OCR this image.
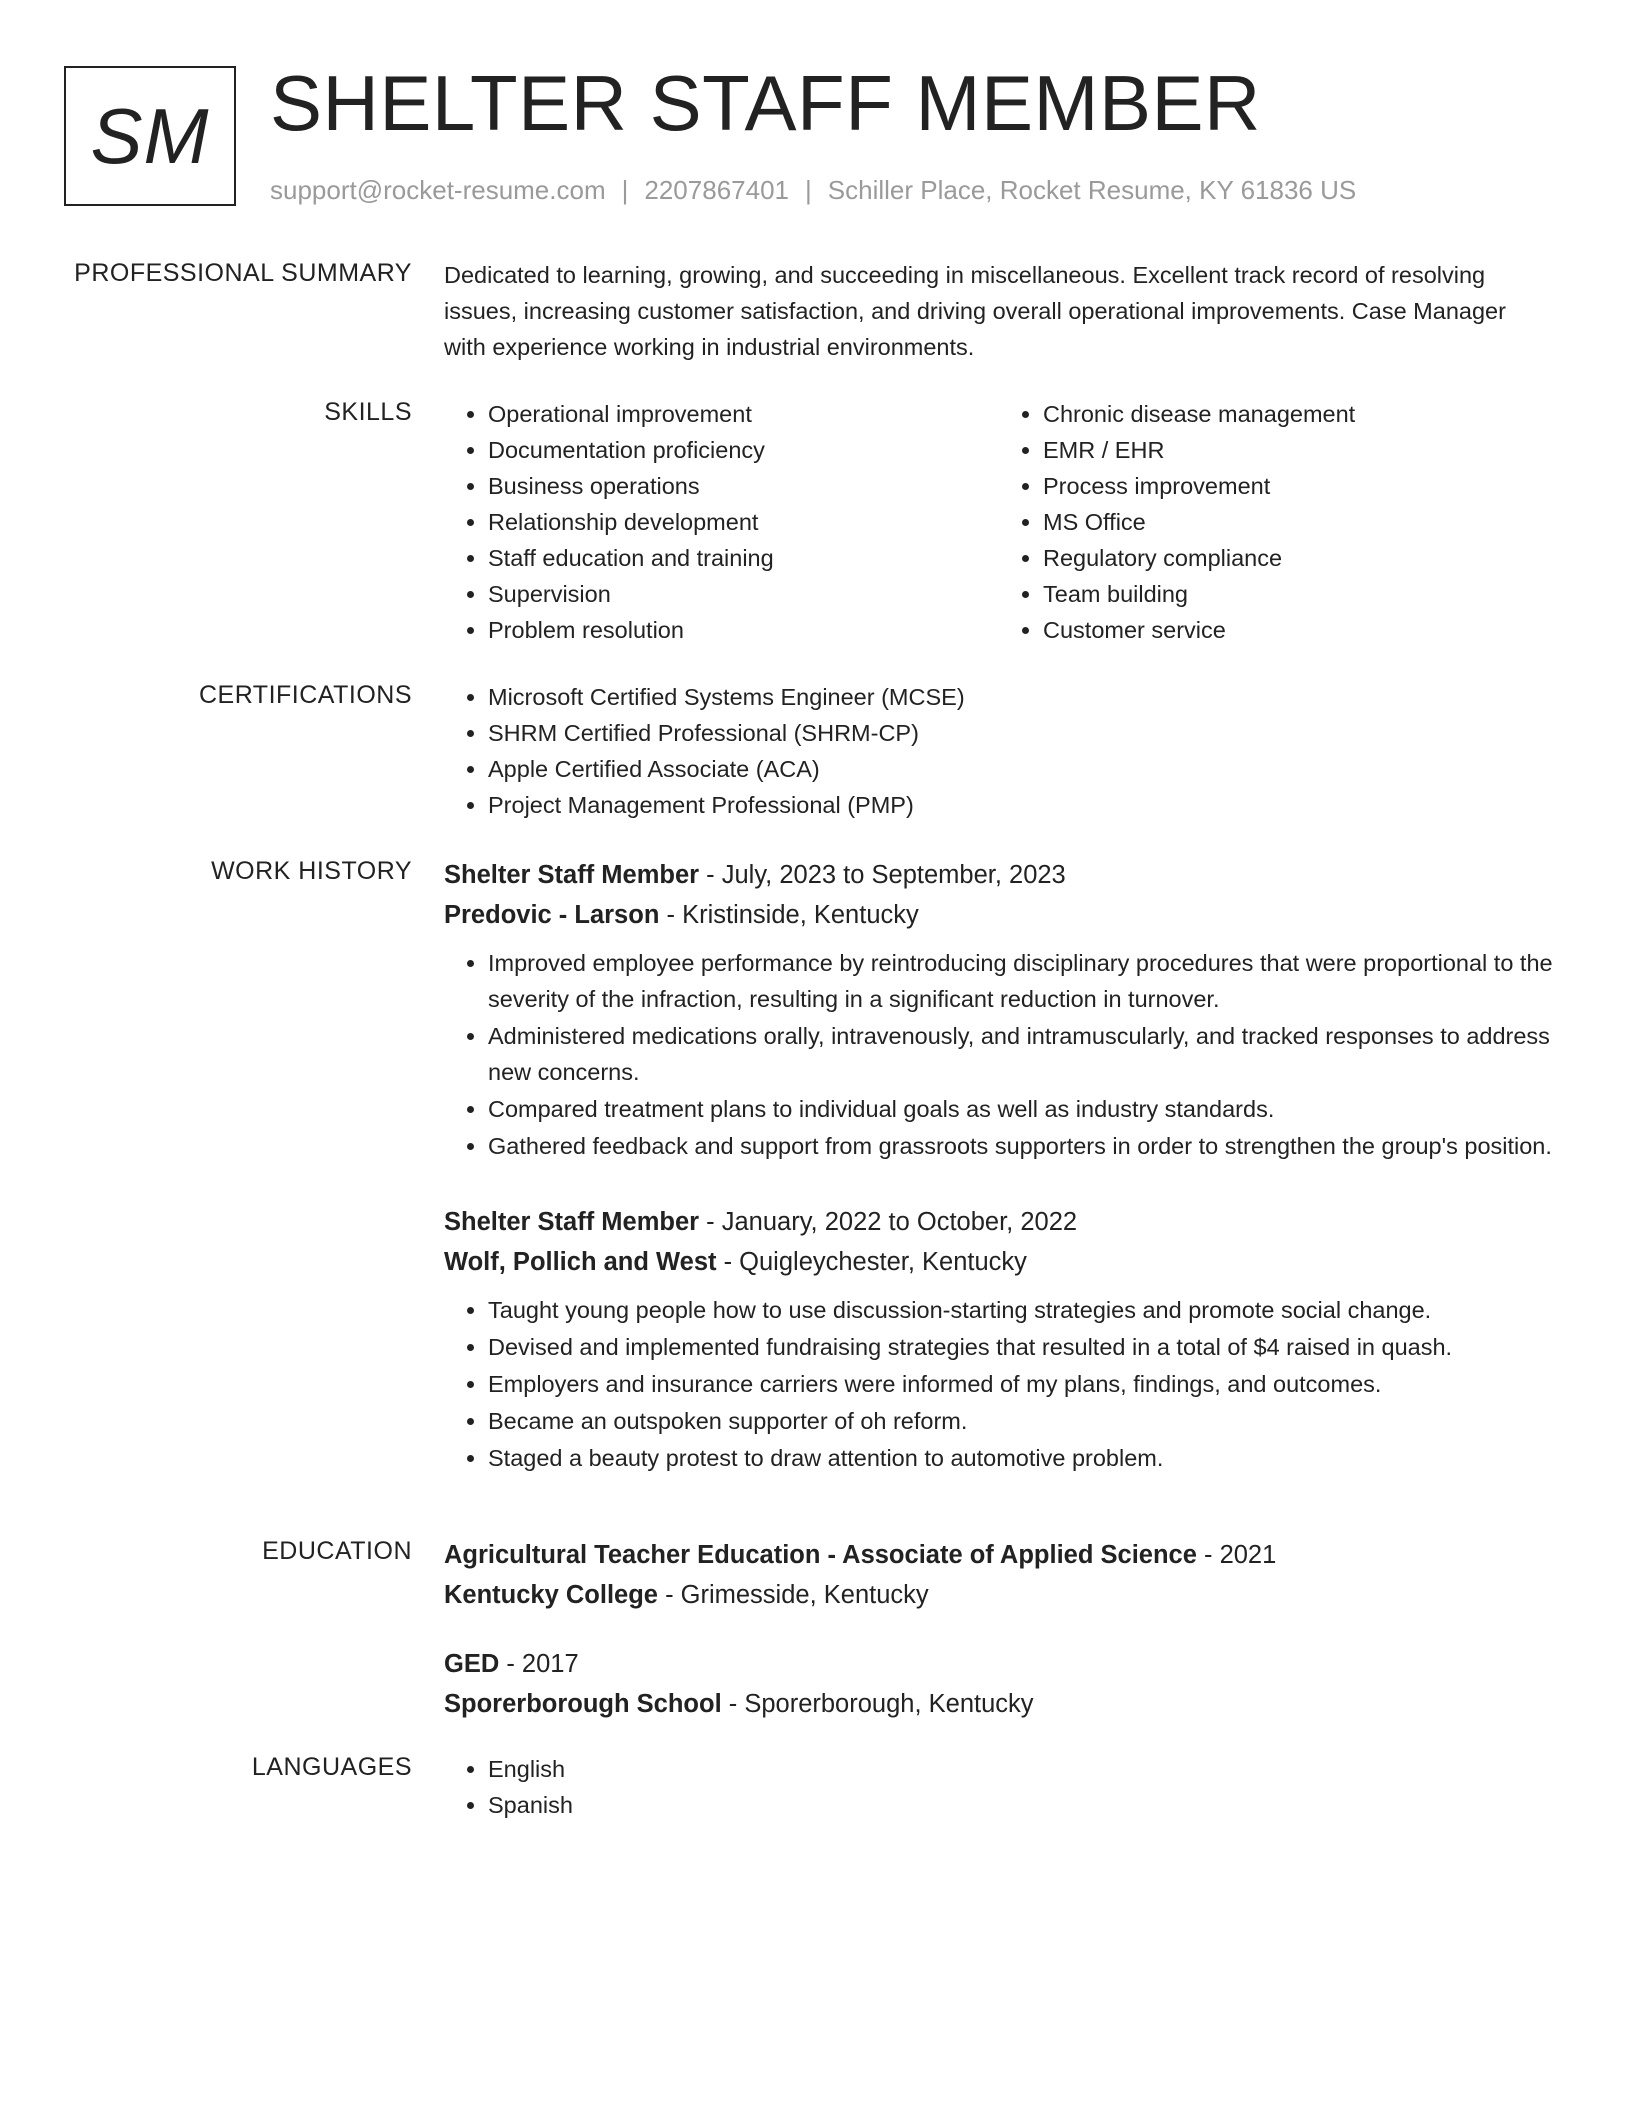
SM SHELTER STAFF MEMBER
support@rocket-resume.com | 2207867401 | Schiller Place, Rocket Resume, KY 61836 US
PROFESSIONAL SUMMARY Dedicated to learning, growing, and succeeding in miscellaneous. Excellent track record of resolving issues, increasing customer satisfaction, and driving overall operational improvements. Case Manager with experience working in industrial environments.
SKILLS	• Operational improvement
• Documentation proficiency
• Business operations
• Relationship development
• Staff education and training
• Supervision
• Problem resolution
• Chronic disease management
• EMR / EHR
• Process improvement
• MS Office
• Regulatory compliance
• Team building
• Customer service
CERTIFICATIONS	• Microsoft Certified Systems Engineer (MCSE)
• SHRM Certified Professional (SHRM-CP)
• Apple Certified Associate (ACA)
• Project Management Professional (PMP)
WORK HISTORY Shelter Staff Member - July, 2023 to September, 2023
Predovic - Larson - Kristinside, Kentucky
• Improved employee performance by reintroducing disciplinary procedures that were proportional to the severity of the infraction, resulting in a significant reduction in turnover.
• Administered medications orally, intravenously, and intramuscularly, and tracked responses to address new concerns.
• Compared treatment plans to individual goals as well as industry standards.
• Gathered feedback and support from grassroots supporters in order to strengthen the group's position.
Shelter Staff Member - January, 2022 to October, 2022
Wolf, Pollich and West - Quigleychester, Kentucky
• Taught young people how to use discussion-starting strategies and promote social change.
• Devised and implemented fundraising strategies that resulted in a total of $4 raised in quash.
• Employers and insurance carriers were informed of my plans, findings, and outcomes.
• Became an outspoken supporter of oh reform.
• Staged a beauty protest to draw attention to automotive problem.
EDUCATION Agricultural Teacher Education - Associate of Applied Science - 2021
Kentucky College - Grimesside, Kentucky
GED - 2017
Sporerborough School - Sporerborough, Kentucky
LANGUAGES	• English
• Spanish
